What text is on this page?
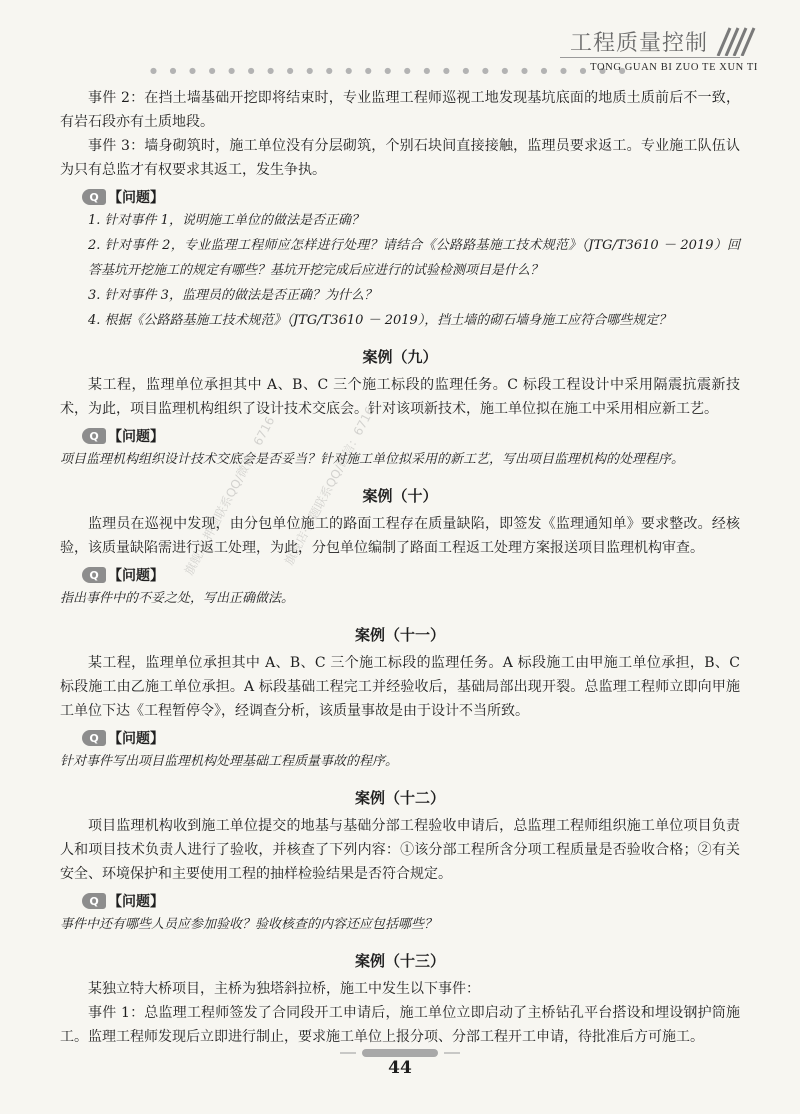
工程质量控制
● ● ● ● ● ● ● ● ● ● ● ● ● ● ● ● ● ● ● ● ● ● ● ● ●
TONG GUAN BI ZUO TE XUN TI

事件 2：在挡土墙基础开挖即将结束时，专业监理工程师巡视工地发现基坑底面的地质土质前后不一致，有岩石段亦有土质地段。

事件 3：墙身砌筑时，施工单位没有分层砌筑，个别石块间直接接触，监理员要求返工。专业施工队伍认为只有总监才有权要求其返工，发生争执。

Q 【问题】

1. 针对事件 1，说明施工单位的做法是否正确？

2. 针对事件 2，专业监理工程师应怎样进行处理？请结合《公路路基施工技术规范》（JTG/T3610 － 2019）回答基坑开挖施工的规定有哪些？基坑开挖完成后应进行的试验检测项目是什么？

3. 针对事件 3，监理员的做法是否正确？为什么？

4. 根据《公路路基施工技术规范》（JTG/T3610 － 2019），挡土墙的砌石墙身施工应符合哪些规定？

案例（九）

某工程，监理单位承担其中 A、B、C 三个施工标段的监理任务。C 标段工程设计中采用隔震抗震新技术，为此，项目监理机构组织了设计技术交底会。针对该项新技术，施工单位拟在施工中采用相应新工艺。

Q 【问题】

项目监理机构组织设计技术交底会是否妥当？针对施工单位拟采用的新工艺，写出项目监理机构的处理程序。

案例（十）

监理员在巡视中发现，由分包单位施工的路面工程存在质量缺陷，即签发《监理通知单》要求整改。经核验，该质量缺陷需进行返工处理，为此，分包单位编制了路面工程返工处理方案报送项目监理机构审查。

Q 【问题】

指出事件中的不妥之处，写出正确做法。

案例（十一）

某工程，监理单位承担其中 A、B、C 三个施工标段的监理任务。A 标段施工由甲施工单位承担，B、C 标段施工由乙施工单位承担。A 标段基础工程完工并经验收后，基础局部出现开裂。总监理工程师立即向甲施工单位下达《工程暂停令》，经调查分析，该质量事故是由于设计不当所致。

Q 【问题】

针对事件写出项目监理机构处理基础工程质量事故的程序。

案例（十二）

项目监理机构收到施工单位提交的地基与基础分部工程验收申请后，总监理工程师组织施工单位项目负责人和项目技术负责人进行了验收，并核查了下列内容：①该分部工程所含分项工程质量是否验收合格；②有关安全、环境保护和主要使用工程的抽样检验结果是否符合规定。

Q 【问题】

事件中还有哪些人员应参加验收？验收核查的内容还应包括哪些？

案例（十三）

某独立特大桥项目，主桥为独塔斜拉桥，施工中发生以下事件：

事件 1：总监理工程师签发了合同段开工申请后，施工单位立即启动了主桥钻孔平台搭设和埋设钢护筒施工。监理工程师发现后立即进行制止，要求施工单位上报分项、分部工程开工申请，待批准后方可施工。

旗舰店·押题联系QQ/微信：6716 旗舰店·押题联系QQ/微信：6716
44
